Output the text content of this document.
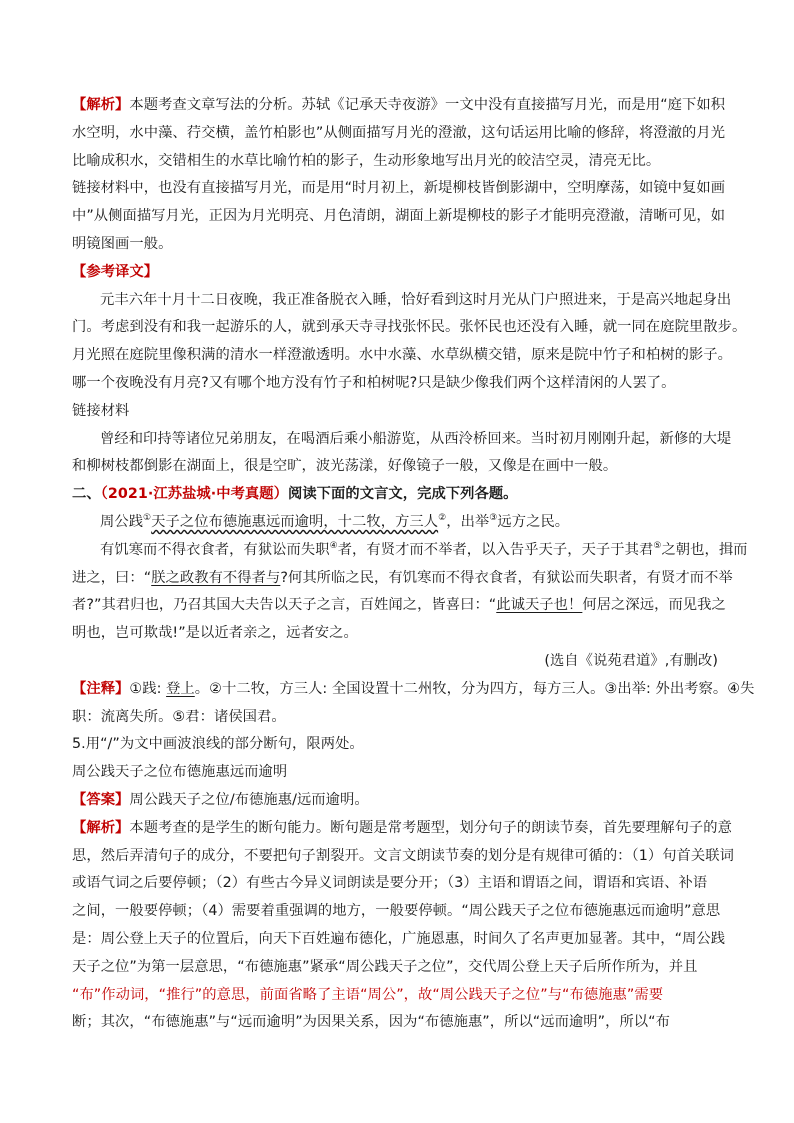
【解析】本题考查文章写法的分析。苏轼《记承天寺夜游》一文中没有直接描写月光，而是用“庭下如积
水空明，水中藻、荇交横，盖竹柏影也”从侧面描写月光的澄澈，这句话运用比喻的修辞，将澄澈的月光
比喻成积水，交错相生的水草比喻竹柏的影子，生动形象地写出月光的皎洁空灵，清亮无比。
链接材料中，也没有直接描写月光，而是用“时月初上，新堤柳枝皆倒影湖中，空明摩荡，如镜中复如画
中”从侧面描写月光，正因为月光明亮、月色清朗，湖面上新堤柳枝的影子才能明亮澄澈，清晰可见，如
明镜图画一般。
【参考译文】
元丰六年十月十二日夜晚，我正准备脱衣入睡，恰好看到这时月光从门户照进来，于是高兴地起身出
门。考虑到没有和我一起游乐的人，就到承天寺寻找张怀民。张怀民也还没有入睡，就一同在庭院里散步。
月光照在庭院里像积满的清水一样澄澈透明。水中水藻、水草纵横交错，原来是院中竹子和柏树的影子。
哪一个夜晚没有月亮?又有哪个地方没有竹子和柏树呢?只是缺少像我们两个这样清闲的人罢了。
链接材料
曾经和印持等诸位兄弟朋友，在喝酒后乘小船游览，从西泠桥回来。当时初月刚刚升起，新修的大堤
和柳树枝都倒影在湖面上，很是空旷，波光荡漾，好像镜子一般，又像是在画中一般。
二、（2021·江苏盐城·中考真题）阅读下面的文言文，完成下列各题。
周公践①天子之位布德施惠远而逾明，十二牧，方三人②，出举③远方之民。
有饥寒而不得衣食者，有狱讼而失职④者，有贤才而不举者，以入告乎天子，天子于其君⑤之朝也，揖而
进之，曰：“朕之政教有不得者与?何其所临之民，有饥寒而不得衣食者，有狱讼而失职者，有贤才而不举
者?”其君归也，乃召其国大夫告以天子之言，百姓闻之，皆喜曰：“此诚天子也！何居之深远，而见我之
明也，岂可欺哉!”是以近者亲之，远者安之。
(选自《说苑君道》,有删改)
【注释】①践: 登上。②十二牧，方三人: 全国设置十二州牧，分为四方，每方三人。③出举: 外出考察。④失
职：流离失所。⑤君：诸侯国君。
5.用“/”为文中画波浪线的部分断句，限两处。
周公践天子之位布德施惠远而逾明
【答案】周公践天子之位/布德施惠/远而逾明。
【解析】本题考查的是学生的断句能力。断句题是常考题型，划分句子的朗读节奏，首先要理解句子的意
思，然后弄清句子的成分，不要把句子割裂开。文言文朗读节奏的划分是有规律可循的：（1）句首关联词
或语气词之后要停顿；（2）有些古今异义词朗读是要分开；（3）主语和谓语之间，谓语和宾语、补语
之间，一般要停顿；（4）需要着重强调的地方，一般要停顿。“周公践天子之位布德施惠远而逾明”意思
是：周公登上天子的位置后，向天下百姓遍布德化，广施恩惠，时间久了名声更加显著。其中，“周公践
天子之位”为第一层意思，“布德施惠”紧承“周公践天子之位”，交代周公登上天子后所作所为，并且
“布”作动词，“推行”的意思，前面省略了主语“周公”，故“周公践天子之位”与“布德施惠”需要
断；其次，“布德施惠”与“远而逾明”为因果关系，因为“布德施惠”，所以“远而逾明”，所以“布
